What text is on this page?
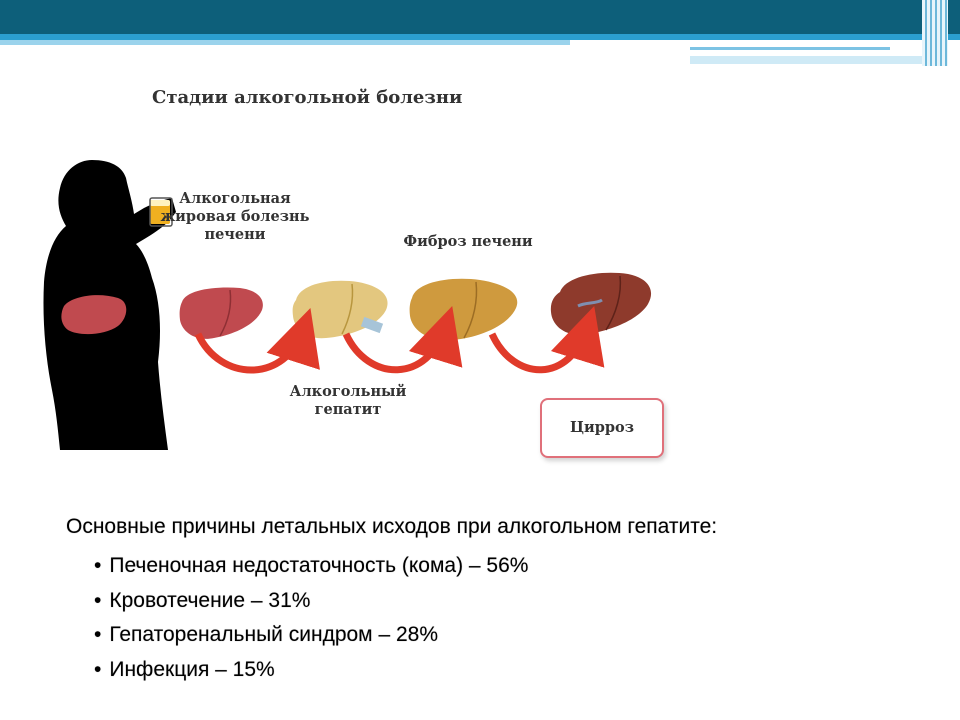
Стадии алкогольной болезни
Алкогольная жировая болезнь печени	Фиброз печени
Алкогольный гепатит
Цирроз

Основные причины летальных исходов при алкогольном гепатите:

• Печеночная недостаточность (кома) – 56%
• Кровотечение – 31%
• Гепаторенальный синдром – 28%
• Инфекция – 15%
